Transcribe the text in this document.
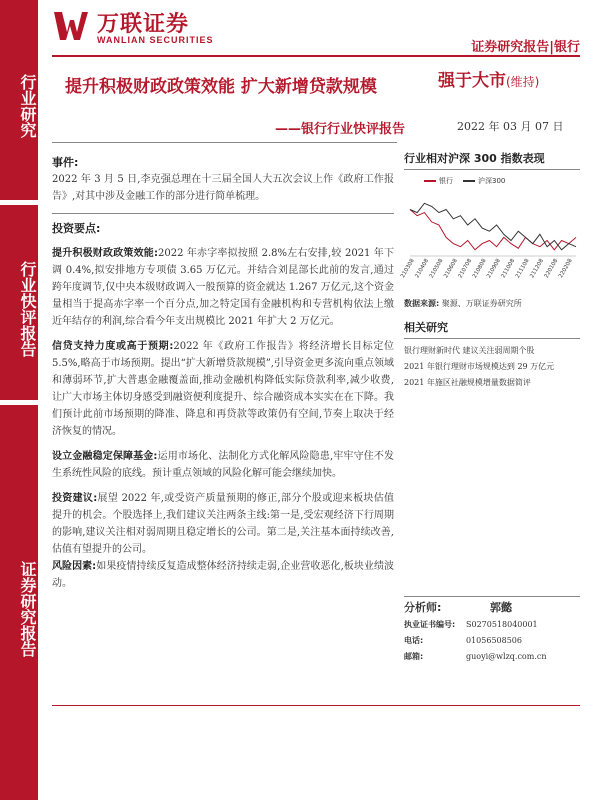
行业研究
行业快评报告
证券研究报告
万联证券
WANLIAN SECURITIES	证券研究报告|银行
提升积极财政政策效能 扩大新增贷款规模
——银行行业快评报告
强于大市(维持)
2022 年 03 月 07 日
事件:

2022 年 3 月 5 日,李克强总理在十三届全国人大五次会议上作《政府工作报告》,对其中涉及金融工作的部分进行简单梳理。

投资要点:

提升积极财政政策效能:2022 年赤字率拟按照 2.8%左右安排,较 2021 年下调 0.4%,拟安排地方专项债 3.65 万亿元。并结合刘昆部长此前的发言,通过跨年度调节,仅中央本级财政调入一般预算的资金就达 1.267 万亿元,这个资金量相当于提高赤字率一个百分点,加之特定国有金融机构和专营机构依法上缴近年结存的利润,综合看今年支出规模比 2021 年扩大 2 万亿元。

信贷支持力度或高于预期:2022 年《政府工作报告》将经济增长目标定位 5.5%,略高于市场预期。提出“扩大新增贷款规模”,引导资金更多流向重点领域和薄弱环节,扩大普惠金融覆盖面,推动金融机构降低实际贷款利率,减少收费,让广大市场主体切身感受到融资便利度提升、综合融资成本实实在在下降。我们预计此前市场预期的降准、降息和再贷款等政策仍有空间,节奏上取决于经济恢复的情况。

设立金融稳定保障基金:运用市场化、法制化方式化解风险隐患,牢牢守住不发生系统性风险的底线。预计重点领域的风险化解可能会继续加快。

投资建议:展望 2022 年,或受资产质量预期的修正,部分个股或迎来板块估值提升的机会。个股选择上,我们建议关注两条主线:第一是,受宏观经济下行周期的影响,建议关注相对弱周期且稳定增长的公司。第二是,关注基本面持续改善,估值有望提升的公司。

风险因素:如果疫情持续反复造成整体经济持续走弱,企业营收恶化,板块业绩波动。

行业相对沪深 300 指数表现
银行	沪深300
210308
210408
210508
210608
210708
210808
210908
211008
211108
211208
220108
220208
数据来源: 聚源、万联证券研究所
相关研究
银行理财新时代 建议关注弱周期个股
2021 年银行理财市场规模达到 29 万亿元
2021 年施区社融规模增量数据简评
分析师:	郭懿
执业证书编号:	S0270518040001
电话:	01056508506
邮箱:	guoyi@wlzq.com.cn
